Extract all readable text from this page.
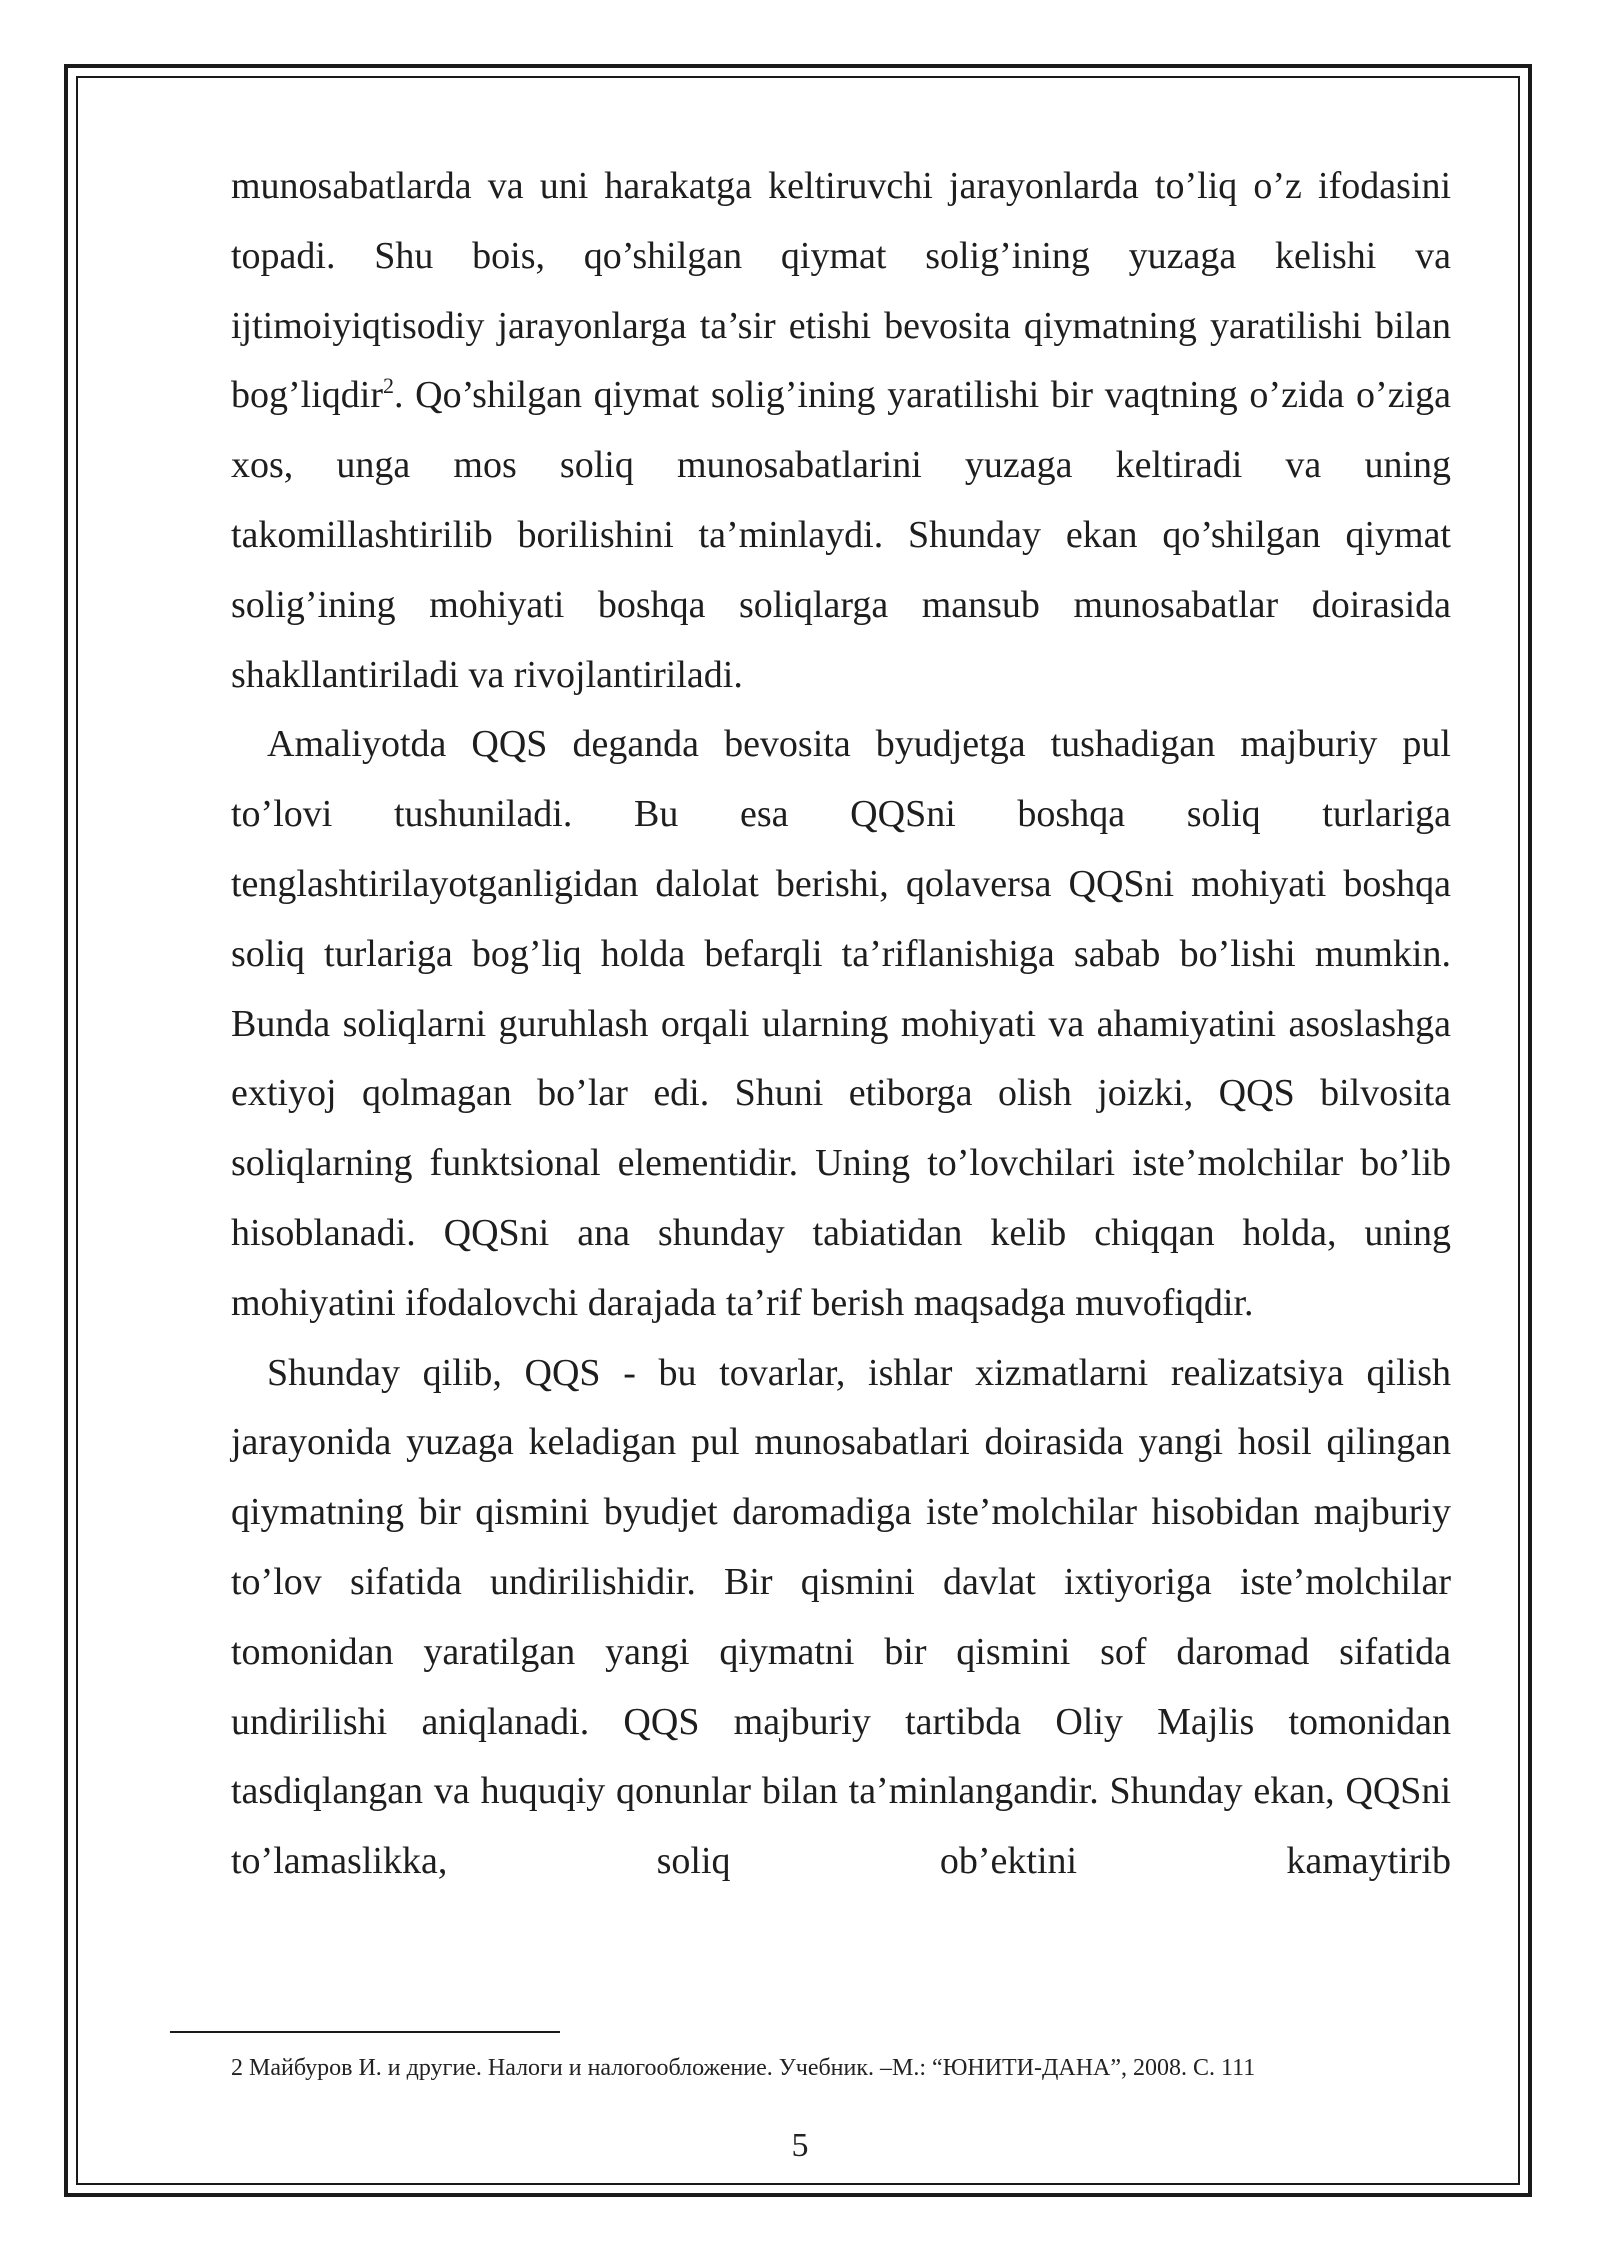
munosabatlarda va uni harakatga keltiruvchi jarayonlarda to’liq o’z ifodasini topadi. Shu bois, qo’shilgan qiymat solig’ining yuzaga kelishi va ijtimoiyiqtisodiy jarayonlarga ta’sir etishi bevosita qiymatning yaratilishi bilan bog’liqdir$^2$. Qo’shilgan qiymat solig’ining yaratilishi bir vaqtning o’zida o’ziga xos, unga mos soliq munosabatlarini yuzaga keltiradi va uning takomillashtirilib borilishini ta’minlaydi. Shunday ekan qo’shilgan qiymat solig’ining mohiyati boshqa soliqlarga mansub munosabatlar doirasida shakllantiriladi va rivojlantiriladi.

Amaliyotda QQS deganda bevosita byudjetga tushadigan majburiy pul to’lovi tushuniladi. Bu esa QQSni boshqa soliq turlariga tenglashtirilayotganligidan dalolat berishi, qolaversa QQSni mohiyati boshqa soliq turlariga bog’liq holda befarqli ta’riflanishiga sabab bo’lishi mumkin. Bunda soliqlarni guruhlash orqali ularning mohiyati va ahamiyatini asoslashga extiyoj qolmagan bo’lar edi. Shuni etiborga olish joizki, QQS bilvosita soliqlarning funktsional elementidir. Uning to’lovchilari iste’molchilar bo’lib hisoblanadi. QQSni ana shunday tabiatidan kelib chiqqan holda, uning mohiyatini ifodalovchi darajada ta’rif berish maqsadga muvofiqdir.

Shunday qilib, QQS - bu tovarlar, ishlar xizmatlarni realizatsiya qilish jarayonida yuzaga keladigan pul munosabatlari doirasida yangi hosil qilingan qiymatning bir qismini byudjet daromadiga iste’molchilar hisobidan majburiy to’lov sifatida undirilishidir. Bir qismini davlat ixtiyoriga iste’molchilar tomonidan yaratilgan yangi qiymatni bir qismini sof daromad sifatida undirilishi aniqlanadi. QQS majburiy tartibda Oliy Majlis tomonidan tasdiqlangan va huquqiy qonunlar bilan ta’minlangandir. Shunday ekan, QQSni to’lamaslikka, soliq ob’ektini kamaytirib

2 Майбуров И. и другие. Налоги и налогообложение. Учебник. –М.: “ЮНИТИ-ДАНА”, 2008. С. 111
5
